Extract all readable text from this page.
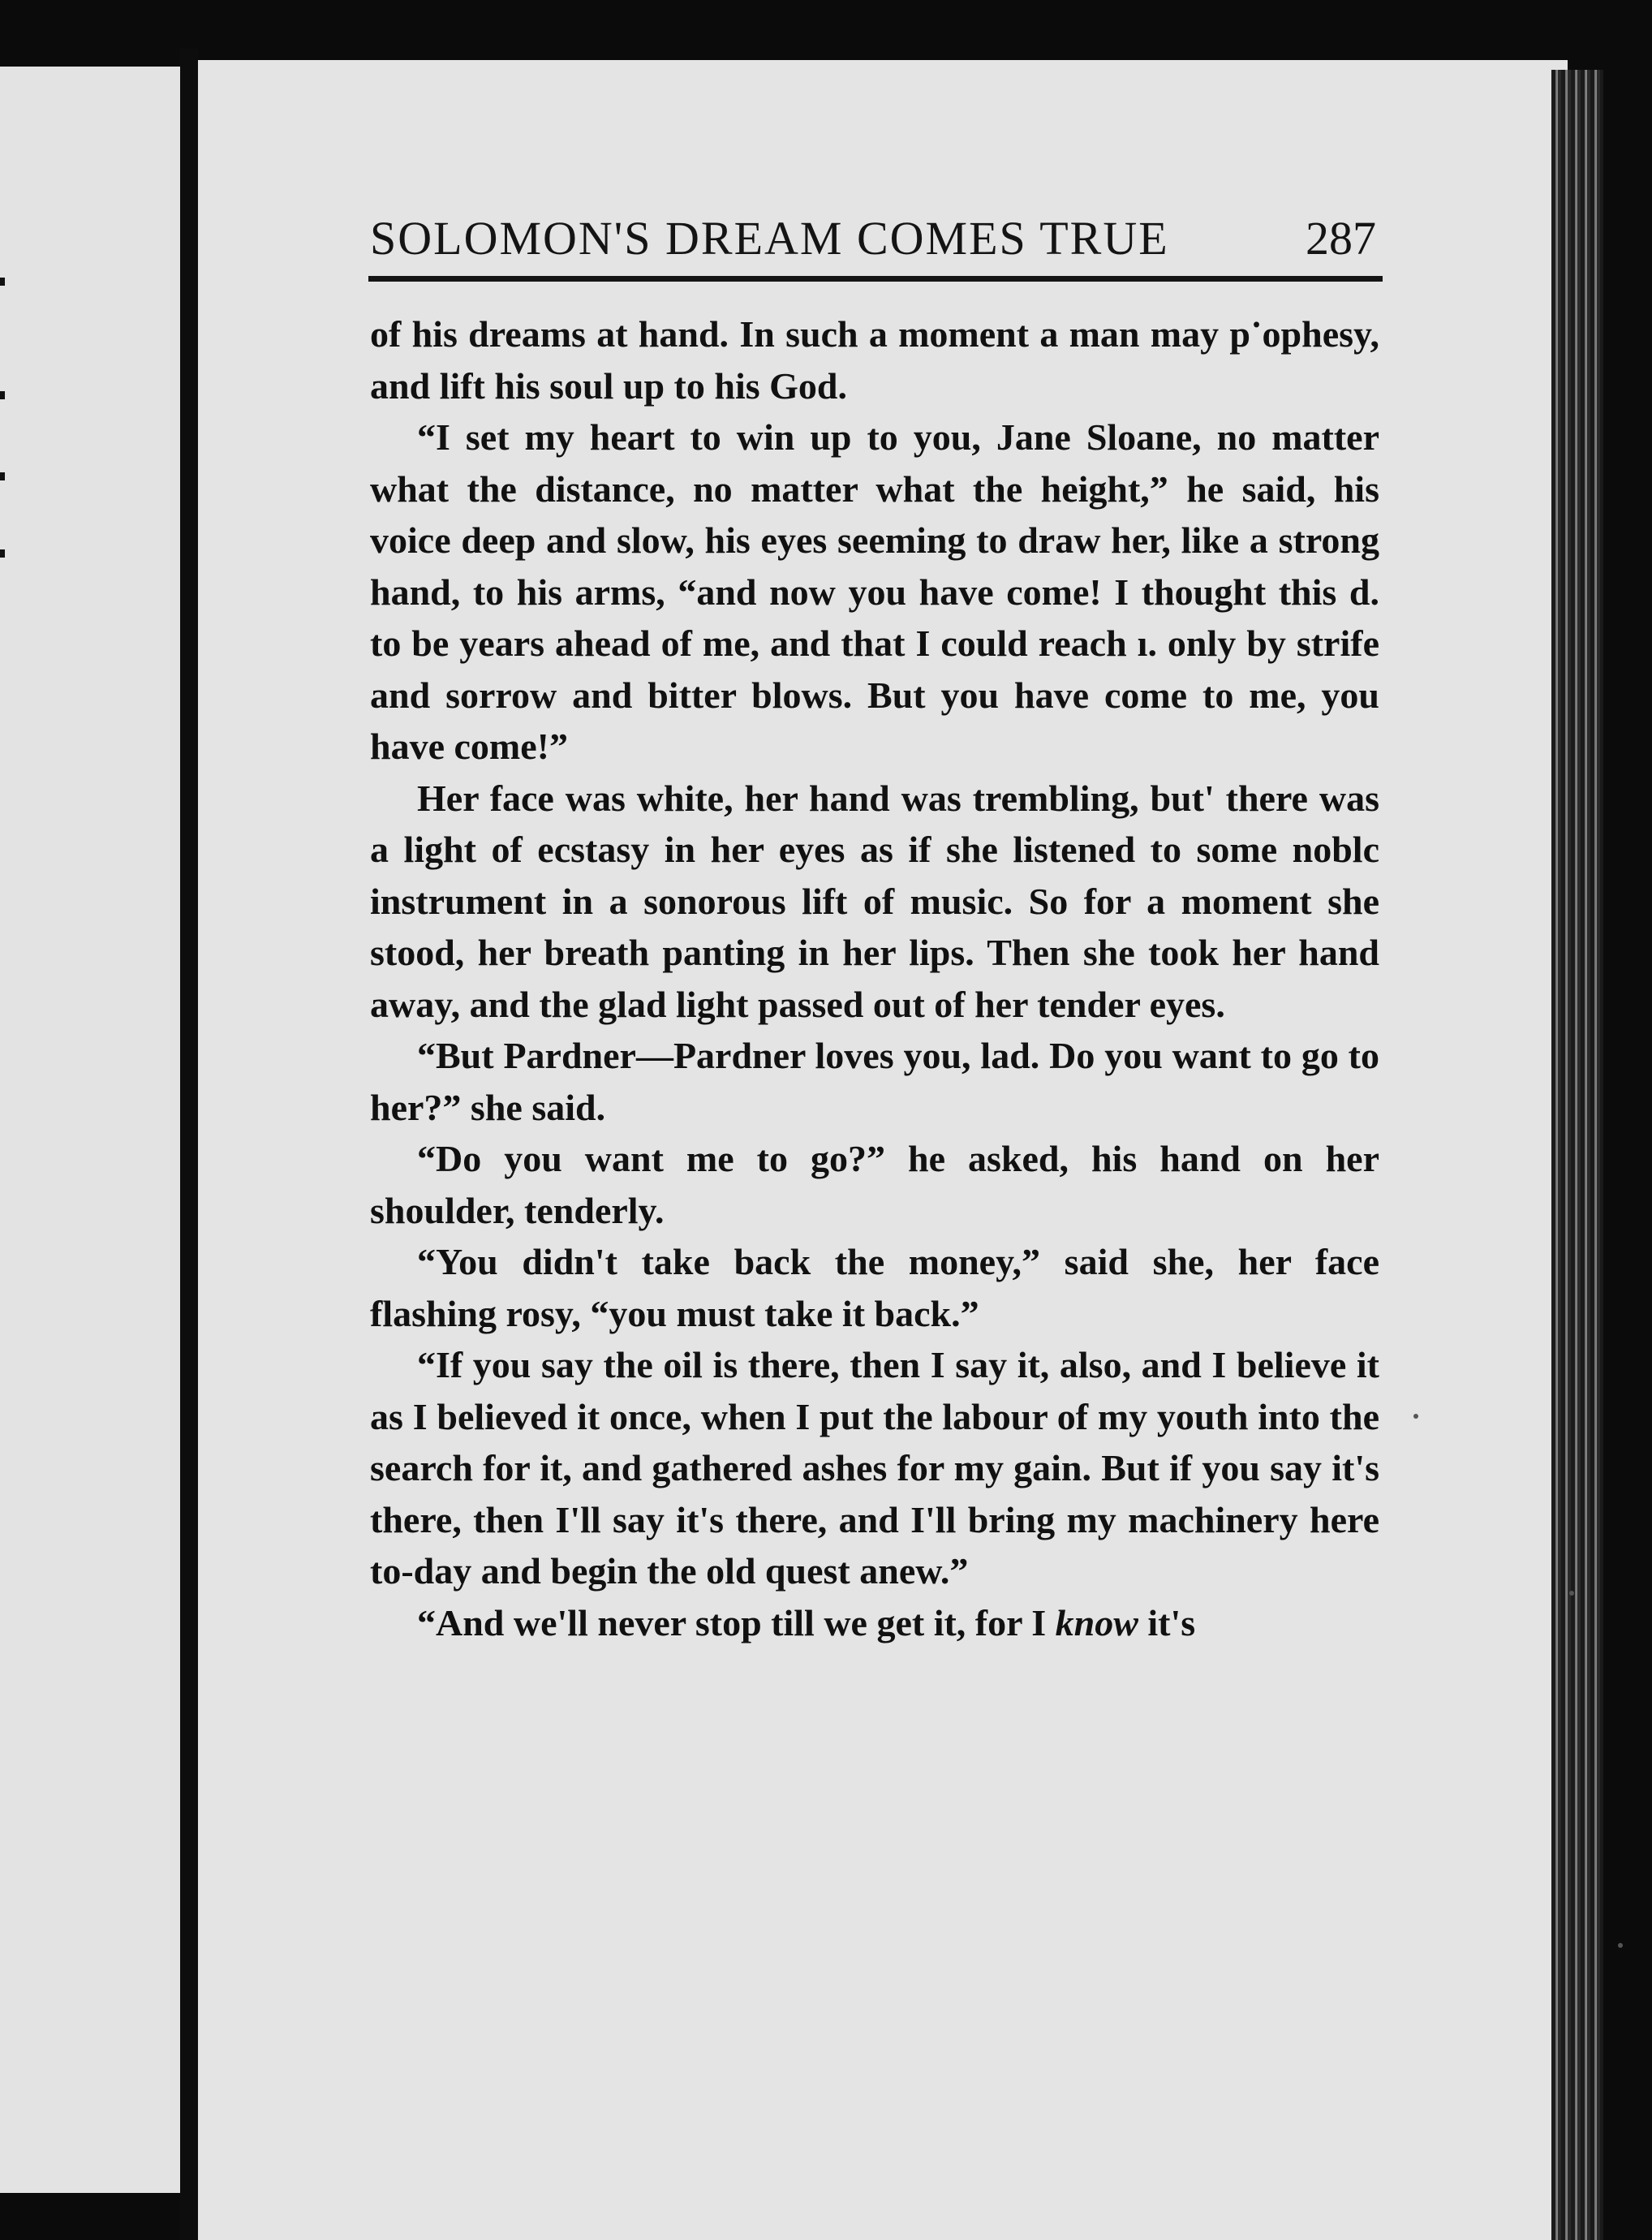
SOLOMON'S DREAM COMES TRUE	287

of his dreams at hand. In such a moment a man may pॱophesy, and lift his soul up to his God.

“I set my heart to win up to you, Jane Sloane, no matter what the distance, no matter what the height,” he said, his voice deep and slow, his eyes seeming to draw her, like a strong hand, to his arms, “and now you have come! I thought this d. to be years ahead of me, and that I could reach ı. only by strife and sorrow and bitter blows. But you have come to me, you have come!”

Her face was white, her hand was trembling, but' there was a light of ecstasy in her eyes as if she listened to some noblс instrument in a sonorous lift of music. So for a moment she stood, her breath panting in her lips. Then she took her hand away, and the glad light passed out of her tender eyes.

“But Pardner—Pardner loves you, lad. Do you want to go to her?” she said.

“Do you want me to go?” he asked, his hand on her shoulder, tenderly.

“You didn't take back the money,” said she, her face flashing rosy, “you must take it back.”

“If you say the oil is there, then I say it, also, and I believe it as I believed it once, when I put the labour of my youth into the search for it, and gathered ashes for my gain. But if you say it's there, then I'll say it's there, and I'll bring my machinery here to-day and begin the old quest anew.”

“And we'll never stop till we get it, for I know it's
